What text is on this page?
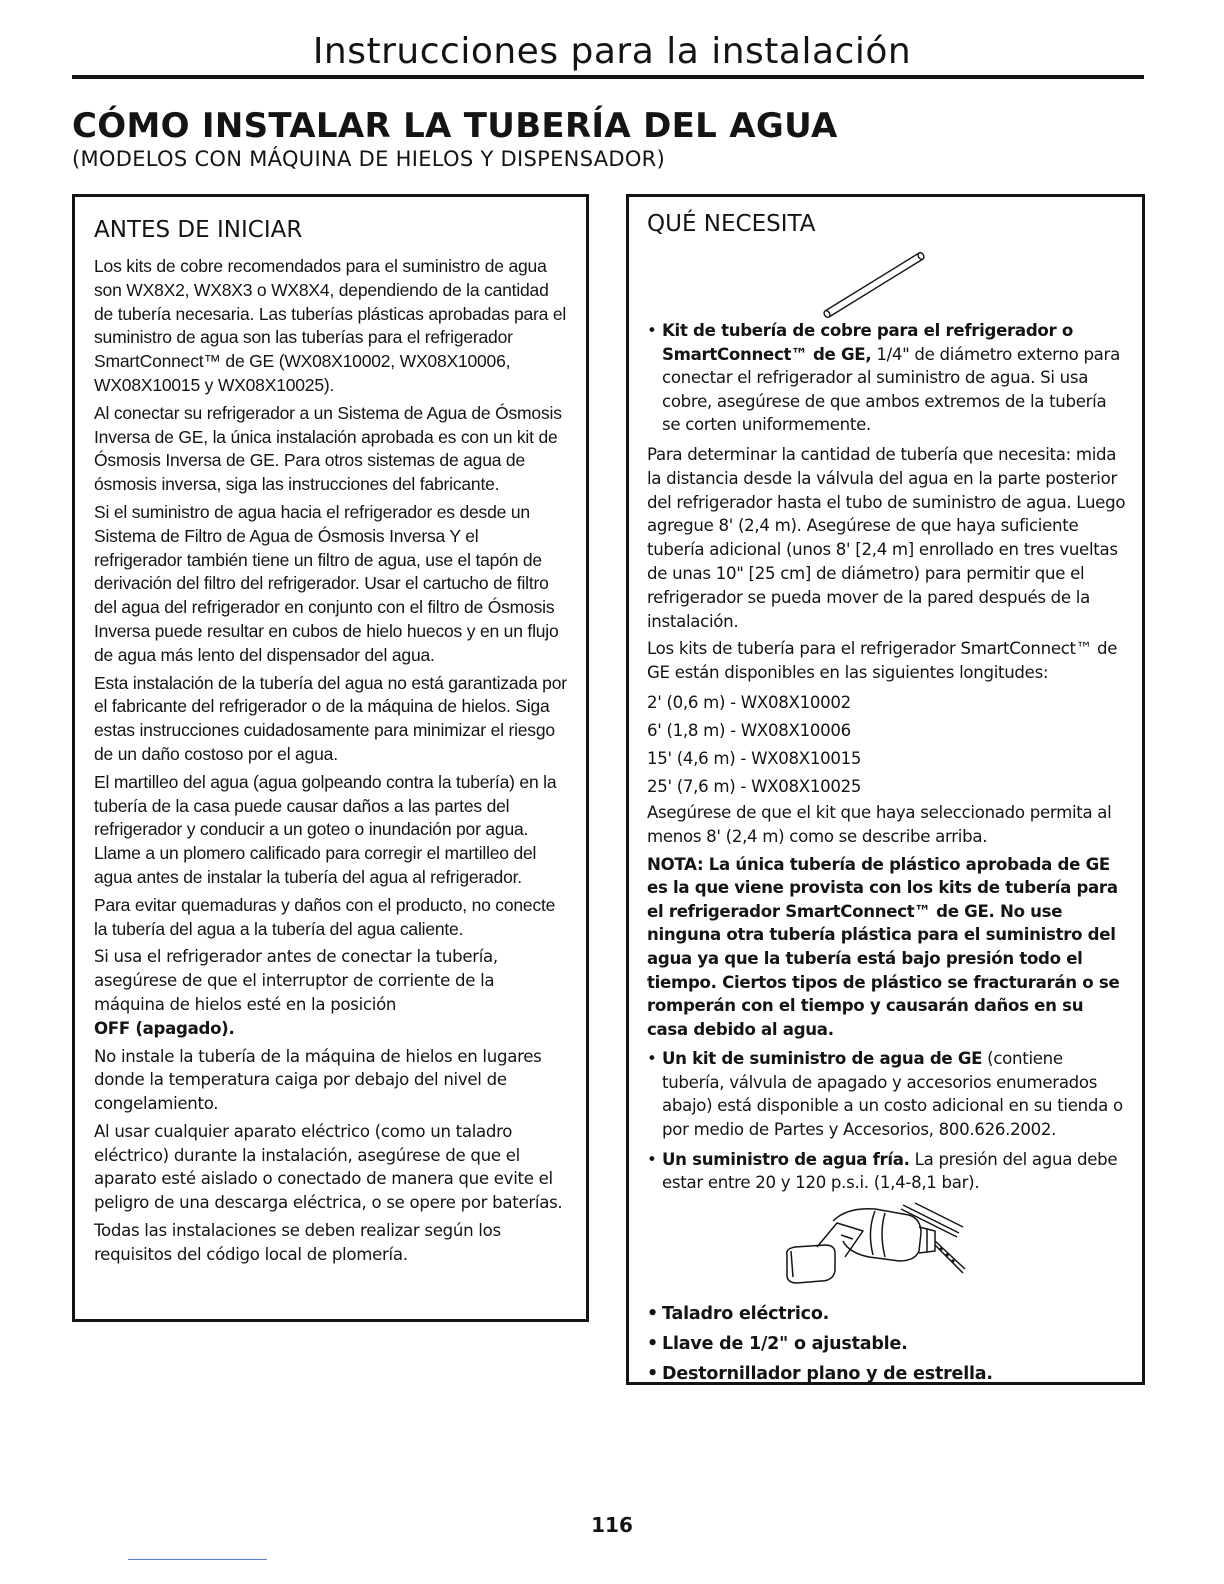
Instrucciones para la instalación
CÓMO INSTALAR LA TUBERÍA DEL AGUA
(MODELOS CON MÁQUINA DE HIELOS Y DISPENSADOR)
ANTES DE INICIAR

Los kits de cobre recomendados para el suministro de agua son WX8X2, WX8X3 o WX8X4, dependiendo de la cantidad de tubería necesaria. Las tuberías plásticas aprobadas para el suministro de agua son las tuberías para el refrigerador SmartConnect™ de GE (WX08X10002, WX08X10006, WX08X10015 y WX08X10025).

Al conectar su refrigerador a un Sistema de Agua de Ósmosis Inversa de GE, la única instalación aprobada es con un kit de Ósmosis Inversa de GE. Para otros sistemas de agua de ósmosis inversa, siga las instrucciones del fabricante.

Si el suministro de agua hacia el refrigerador es desde un Sistema de Filtro de Agua de Ósmosis Inversa Y el refrigerador también tiene un filtro de agua, use el tapón de derivación del filtro del refrigerador. Usar el cartucho de filtro del agua del refrigerador en conjunto con el filtro de Ósmosis Inversa puede resultar en cubos de hielo huecos y en un flujo de agua más lento del dispensador del agua.

Esta instalación de la tubería del agua no está garantizada por el fabricante del refrigerador o de la máquina de hielos. Siga estas instrucciones cuidadosamente para minimizar el riesgo de un daño costoso por el agua.

El martilleo del agua (agua golpeando contra la tubería) en la tubería de la casa puede causar daños a las partes del refrigerador y conducir a un goteo o inundación por agua. Llame a un plomero calificado para corregir el martilleo del agua antes de instalar la tubería del agua al refrigerador.

Para evitar quemaduras y daños con el producto, no conecte la tubería del agua a la tubería del agua caliente.

Si usa el refrigerador antes de conectar la tubería, asegúrese de que el interruptor de corriente de la máquina de hielos esté en la posición
OFF (apagado).

No instale la tubería de la máquina de hielos en lugares donde la temperatura caiga por debajo del nivel de congelamiento.

Al usar cualquier aparato eléctrico (como un taladro eléctrico) durante la instalación, asegúrese de que el aparato esté aislado o conectado de manera que evite el peligro de una descarga eléctrica, o se opere por baterías.

Todas las instalaciones se deben realizar según los requisitos del código local de plomería.

QUÉ NECESITA
• Kit de tubería de cobre para el refrigerador o SmartConnect™ de GE, 1/4" de diámetro externo para conectar el refrigerador al suministro de agua. Si usa cobre, asegúrese de que ambos extremos de la tubería se corten uniformemente.

Para determinar la cantidad de tubería que necesita: mida la distancia desde la válvula del agua en la parte posterior del refrigerador hasta el tubo de suministro de agua. Luego agregue 8' (2,4 m). Asegúrese de que haya suficiente tubería adicional (unos 8' [2,4 m] enrollado en tres vueltas de unas 10" [25 cm] de diámetro) para permitir que el refrigerador se pueda mover de la pared después de la instalación.

Los kits de tubería para el refrigerador SmartConnect™ de GE están disponibles en las siguientes longitudes:

2' (0,6 m) - WX08X10002
6' (1,8 m) - WX08X10006
15' (4,6 m) - WX08X10015
25' (7,6 m) - WX08X10025

Asegúrese de que el kit que haya seleccionado permita al menos 8' (2,4 m) como se describe arriba.

NOTA: La única tubería de plástico aprobada de GE es la que viene provista con los kits de tubería para el refrigerador SmartConnect™ de GE. No use ninguna otra tubería plástica para el suministro del agua ya que la tubería está bajo presión todo el tiempo. Ciertos tipos de plástico se fracturarán o se romperán con el tiempo y causarán daños en su casa debido al agua.

• Un kit de suministro de agua de GE (contiene tubería, válvula de apagado y accesorios enumerados abajo) está disponible a un costo adicional en su tienda o por medio de Partes y Accesorios, 800.626.2002.
• Un suministro de agua fría. La presión del agua debe estar entre 20 y 120 p.s.i. (1,4-8,1 bar).
• Taladro eléctrico.
• Llave de 1/2" o ajustable.
• Destornillador plano y de estrella.
116
